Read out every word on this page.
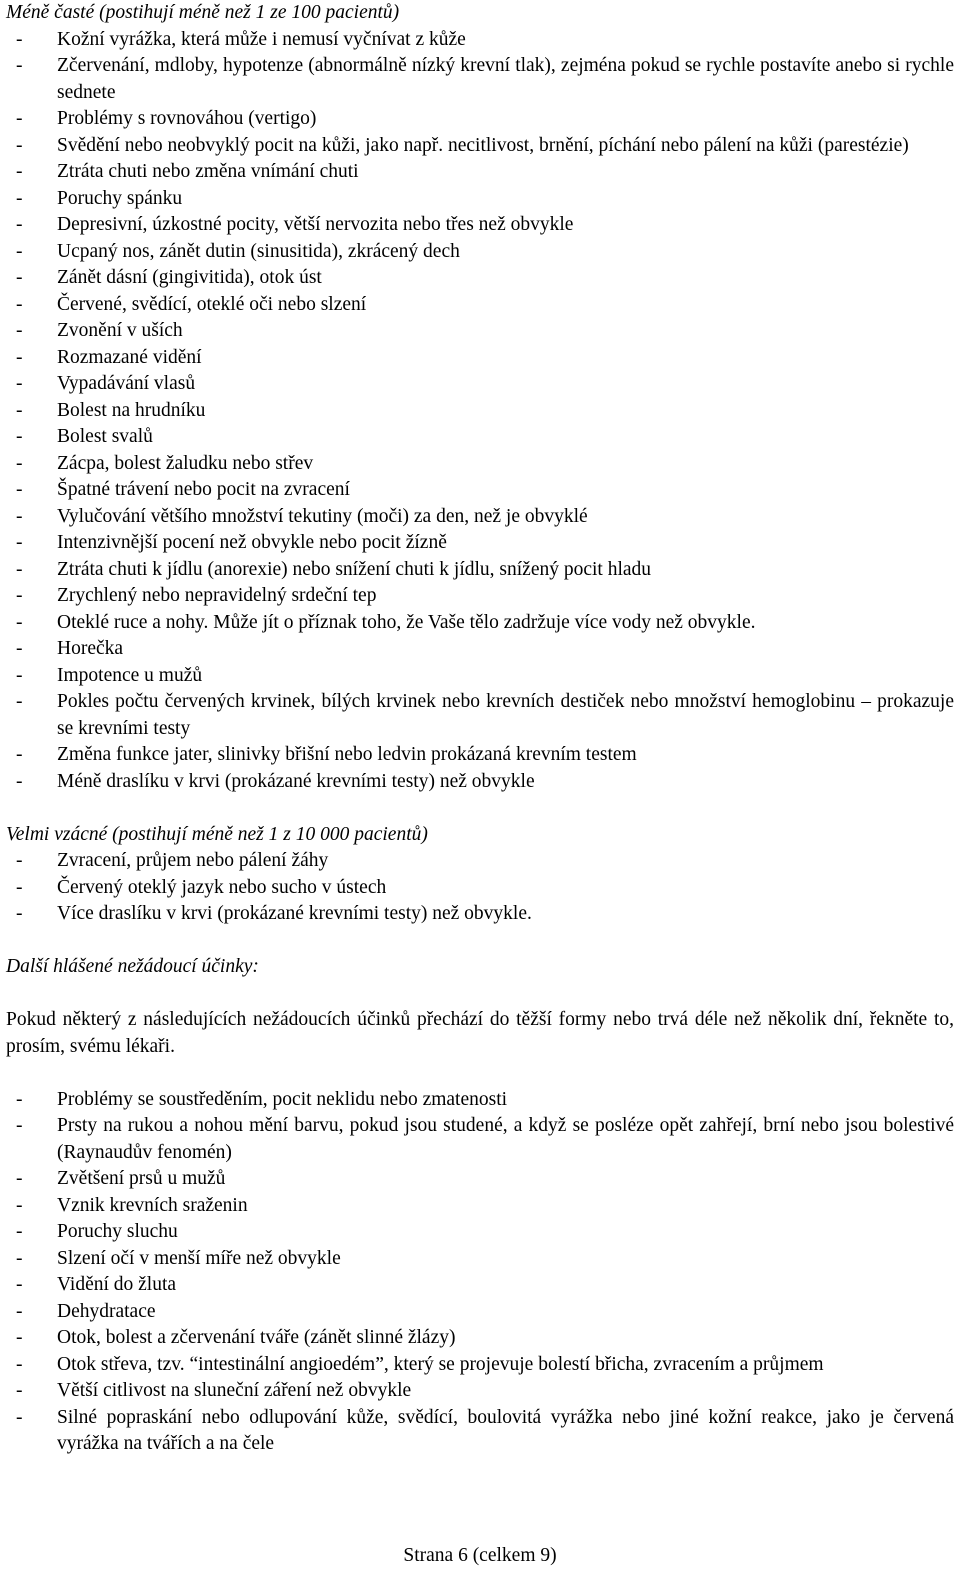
Méně časté (postihují méně než 1 ze 100 pacientů)

- Kožní vyrážka, která může i nemusí vyčnívat z kůže
- Zčervenání, mdloby, hypotenze (abnormálně nízký krevní tlak), zejména pokud se rychle postavíte anebo si rychle sednete
- Problémy s rovnováhou (vertigo)
- Svědění nebo neobvyklý pocit na kůži, jako např. necitlivost, brnění, píchání nebo pálení na kůži (parestézie)
- Ztráta chuti nebo změna vnímání chuti
- Poruchy spánku
- Depresivní, úzkostné pocity, větší nervozita nebo třes než obvykle
- Ucpaný nos, zánět dutin (sinusitida), zkrácený dech
- Zánět dásní (gingivitida), otok úst
- Červené, svědící, oteklé oči nebo slzení
- Zvonění v uších
- Rozmazané vidění
- Vypadávání vlasů
- Bolest na hrudníku
- Bolest svalů
- Zácpa, bolest žaludku nebo střev
- Špatné trávení nebo pocit na zvracení
- Vylučování většího množství tekutiny (moči) za den, než je obvyklé
- Intenzivnější pocení než obvykle nebo pocit žízně
- Ztráta chuti k jídlu (anorexie) nebo snížení chuti k jídlu, snížený pocit hladu
- Zrychlený nebo nepravidelný srdeční tep
- Oteklé ruce a nohy. Může jít o příznak toho, že Vaše tělo zadržuje více vody než obvykle.
- Horečka
- Impotence u mužů
- Pokles počtu červených krvinek, bílých krvinek nebo krevních destiček nebo množství hemoglobinu – prokazuje se krevními testy
- Změna funkce jater, slinivky břišní nebo ledvin prokázaná krevním testem
- Méně draslíku v krvi (prokázané krevními testy) než obvykle

Velmi vzácné (postihují méně než 1 z 10 000 pacientů)

- Zvracení, průjem nebo pálení žáhy
- Červený oteklý jazyk nebo sucho v ústech
- Více draslíku v krvi (prokázané krevními testy) než obvykle.

Další hlášené nežádoucí účinky:

Pokud některý z následujících nežádoucích účinků přechází do těžší formy nebo trvá déle než několik dní, řekněte to, prosím, svému lékaři.

- Problémy se soustředěním, pocit neklidu nebo zmatenosti
- Prsty na rukou a nohou mění barvu, pokud jsou studené, a když se posléze opět zahřejí, brní nebo jsou bolestivé (Raynaudův fenomén)
- Zvětšení prsů u mužů
- Vznik krevních sraženin
- Poruchy sluchu
- Slzení očí v menší míře než obvykle
- Vidění do žluta
- Dehydratace
- Otok, bolest a zčervenání tváře (zánět slinné žlázy)
- Otok střeva, tzv. “intestinální angioedém”, který se projevuje bolestí břicha, zvracením a průjmem
- Větší citlivost na sluneční záření než obvykle
- Silné popraskání nebo odlupování kůže, svědící, boulovitá vyrážka nebo jiné kožní reakce, jako je červená vyrážka na tvářích a na čele
Strana 6 (celkem 9)
